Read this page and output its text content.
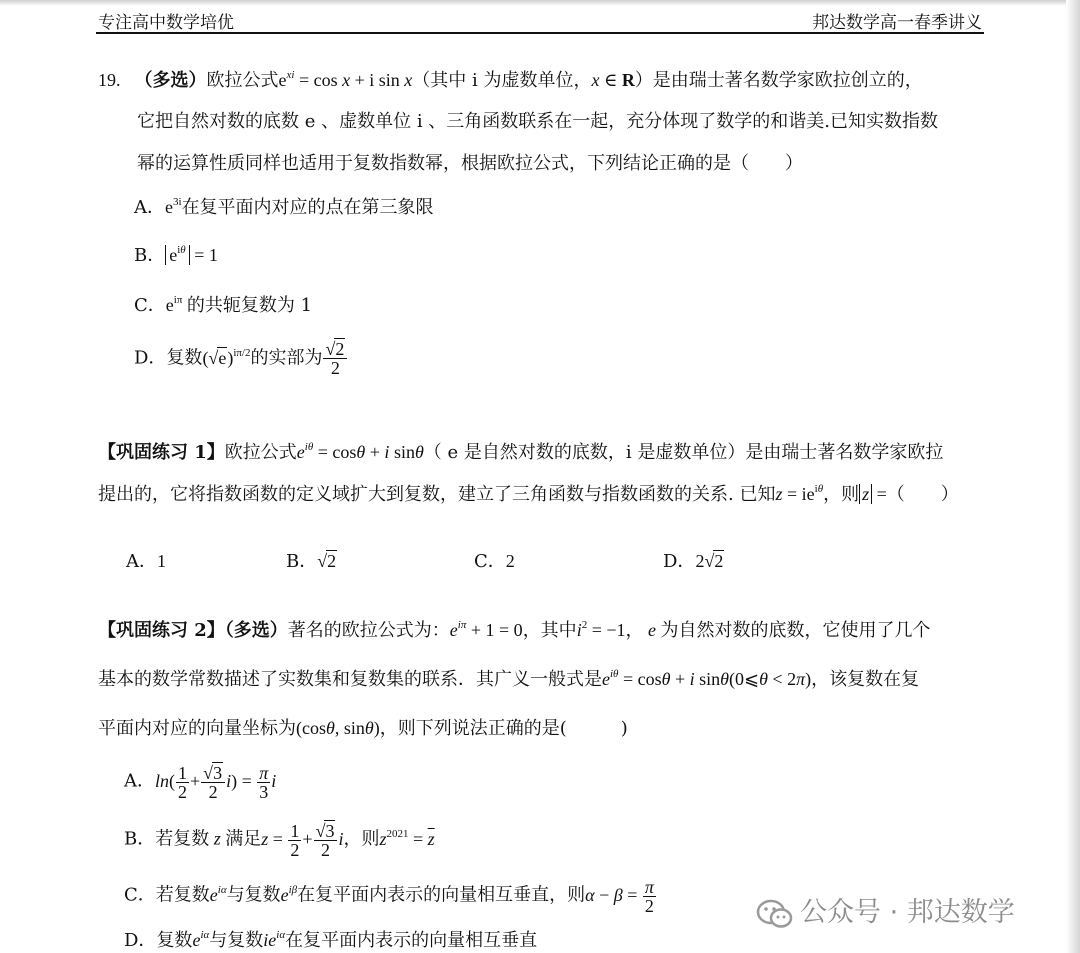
专注高中数学培优	邦达数学高一春季讲义
19. （多选）欧拉公式$e^{xi} = \cos x + i$ sin x（其中 i 为虚数单位，x ∈ R）是由瑞士著名数学家欧拉创立的，
它把自然对数的底数 e 、虚数单位 i 、三角函数联系在一起，充分体现了数学的和谐美.已知实数指数
幂的运算性质同样也适用于复数指数幂，根据欧拉公式，下列结论正确的是（　　）
A．$e^{3i}$在复平面内对应的点在第三象限
B． $e^{i\theta} = 1$
C．$e^{i\pi}$ 的共轭复数为 1
D．复数$(√e)^{i\pi/2}$的实部为 $\frac{√2}{2}$
【巩固练习 1】欧拉公式$e^{i\theta} = \cos\theta + i$ sinθ（ e 是自然对数的底数，i 是虚数单位）是由瑞士著名数学家欧拉
提出的，它将指数函数的定义域扩大到复数，建立了三角函数与指数函数的关系. 已知$z = ie^{i\theta}$，则 z =（　　）
A．1	B．√2	C．2	D．2√2
【巩固练习 2】（多选）著名的欧拉公式为：$e^{i\pi} + 1 = 0$，其中$i^2 = -1$， e 为自然对数的底数，它使用了几个
基本的数学常数描述了实数集和复数集的联系．其广义一般式是$e^{i\theta} = \cos\theta + i$ sinθ(0⩽θ < 2π)，该复数在复
平面内对应的向量坐标为(cosθ, sinθ)，则下列说法正确的是(　　　)
A．$\ln( \frac{1}{2} + \frac{√3}{2} i) = \frac{\pi}{3}$ i
B．若复数 z 满足$z = \frac{1}{2} + \frac{√3}{2}$ i，则$z^{2021} = \overline{z}$
C．若复数$e^{i\alpha}$与复数$e^{i\beta}$在复平面内表示的向量相互垂直，则$\alpha - \beta = \frac{\pi}{2}$
D．复数$e^{i\alpha}$与复数$ie^{i\alpha}$在复平面内表示的向量相互垂直
公众号 · 邦达数学
